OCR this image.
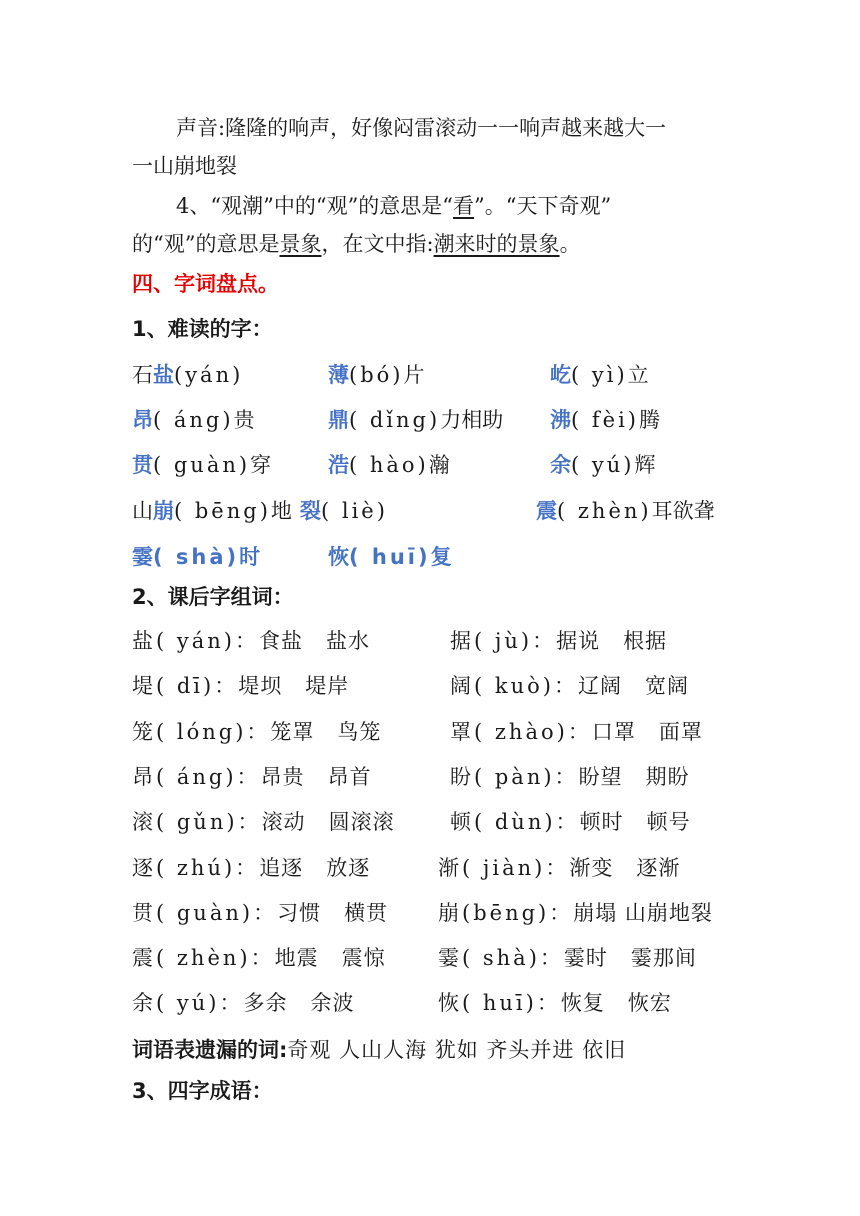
声音:隆隆的响声，好像闷雷滚动一一响声越来越大一
一山崩地裂
4、“观潮”中的“观”的意思是“看”。“天下奇观”
的“观”的意思是景象，在文中指:潮来时的景象。
四、字词盘点。
1、难读的字：
石盐(yán)	薄(bó)片	屹( yì)立
昂( áng)贵	鼎( dǐng)力相助 沸( fèi)腾
贯( guàn)穿	浩( hào)瀚	余( yú)辉
山崩( bēng)地 裂( liè)	震( zhèn)耳欲聋
霎( shà)时	恢( huī)复
2、课后字组词：
盐( yán)：食盐   盐水	据( jù)：据说   根据
堤( dī)：堤坝   堤岸	阔( kuò)：辽阔   宽阔
笼( lóng)：笼罩   鸟笼	罩( zhào)：口罩   面罩
昂( áng)：昂贵   昂首	盼( pàn)：盼望   期盼
滚( gǔn)：滚动   圆滚滚	顿( dùn)：顿时   顿号
逐( zhú)：追逐   放逐	渐( jiàn)：渐变   逐渐
贯( guàn)：习惯   横贯 崩(bēng)：崩塌 山崩地裂
震( zhèn)：地震   震惊 霎( shà)：霎时   霎那间
余( yú)：多余   余波	恢( huī)：恢复   恢宏
词语表遗漏的词:奇观 人山人海 犹如 齐头并进 依旧
3、四字成语：
